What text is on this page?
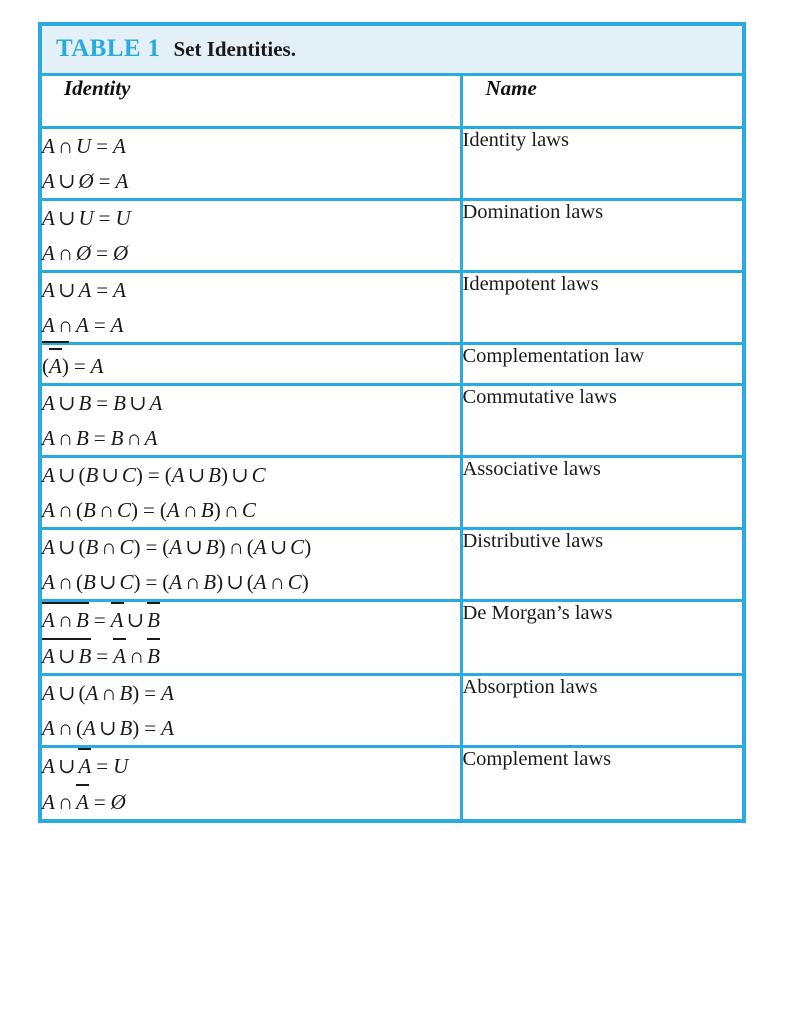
TABLE 1 Set Identities.
Identity	Name

A ∩ U = A
A ∪ Ø = A	Identity laws

A ∪ U = U
A ∩ Ø = Ø	Domination laws

A ∪ A = A
A ∩ A = A	Idempotent laws

(A) = A	Complementation law

A ∪ B = B ∪ A
A ∩ B = B ∩ A	Commutative laws

A ∪ (B ∪ C) = (A ∪ B) ∪ C
A ∩ (B ∩ C) = (A ∩ B) ∩ C	Associative laws

A ∪ (B ∩ C) = (A ∪ B) ∩ (A ∪ C)
A ∩ (B ∪ C) = (A ∩ B) ∪ (A ∩ C)	Distributive laws

A ∩ B = A ∪ B
A ∪ B = A ∩ B	De Morgan’s laws

A ∪ (A ∩ B) = A
A ∩ (A ∪ B) = A	Absorption laws

A ∪ A = U
A ∩ A = Ø	Complement laws
